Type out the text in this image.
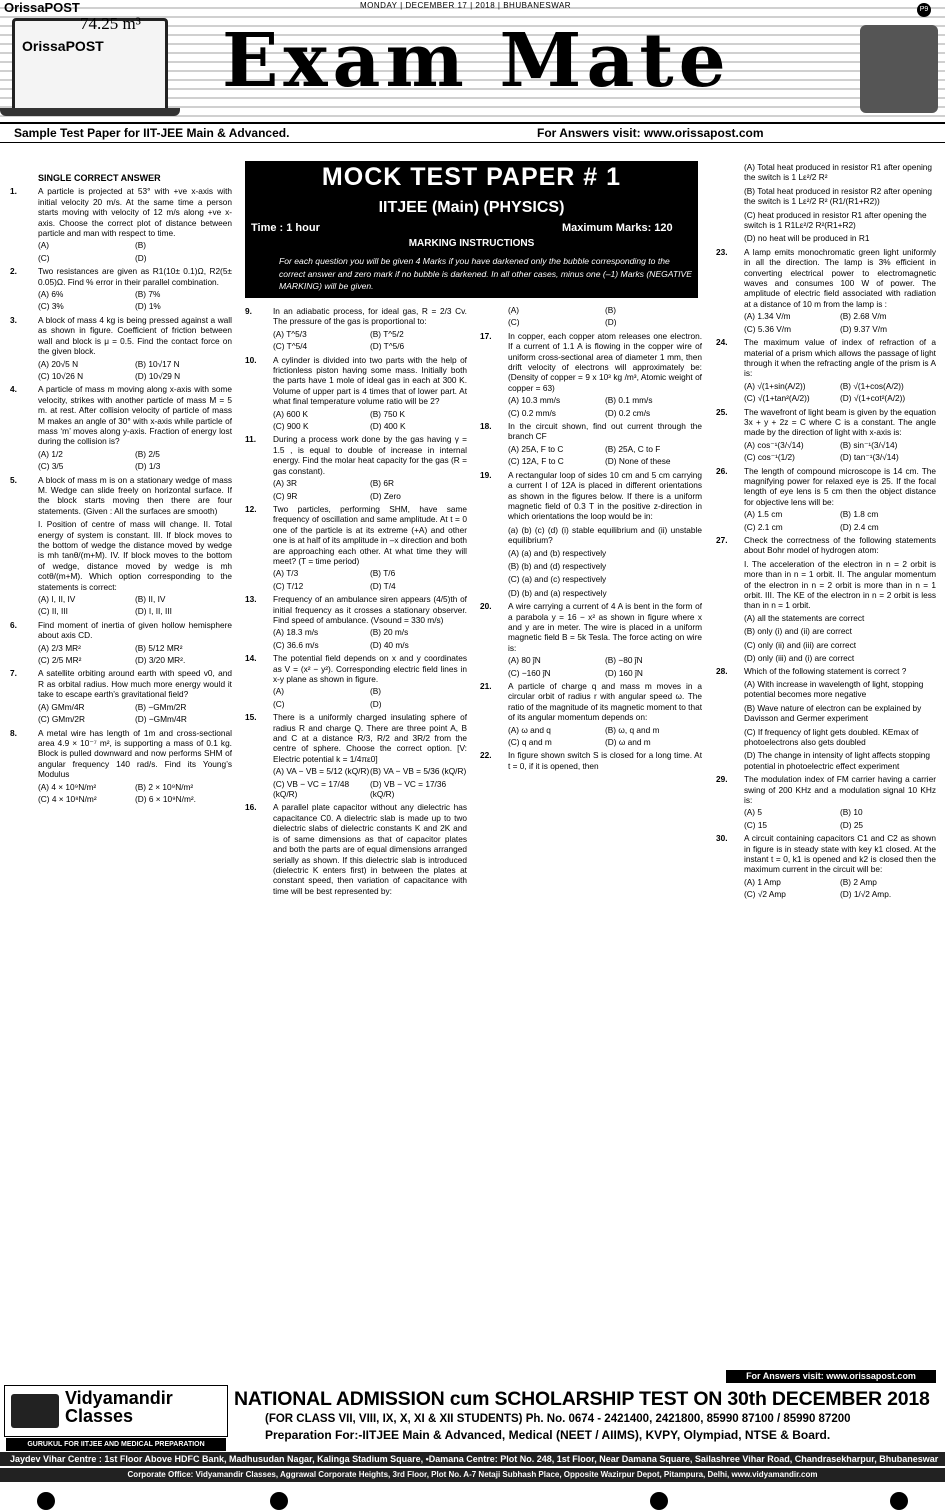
OrissaPOST	MONDAY | DECEMBER 17 | 2018 | BHUBANESWAR	P9
OrissaPOST
74.25 m³ Exam Mate
Sample Test Paper for IIT-JEE Main & Advanced.	For Answers visit: www.orissapost.com
MOCK TEST PAPER # 1
IITJEE (Main) (PHYSICS)
Time : 1 hour	Maximum Marks: 120
MARKING INSTRUCTIONS
For each question you will be given 4 Marks if you have darkened only the bubble corresponding to the correct answer and zero mark if no bubble is darkened. In all other cases, minus one (–1) Marks (NEGATIVE MARKING) will be given.
SINGLE CORRECT ANSWER
1.	A particle is projected at 53° with +ve x-axis with initial velocity 20 m/s. At the same time a person starts moving with velocity of 12 m/s along +ve x-axis. Choose the correct plot of distance between particle and man with respect to time.
(A)	(B)
(C)	(D)
2.	Two resistances are given as R1(10± 0.1)Ω, R2(5± 0.05)Ω. Find % error in their parallel combination.
(A) 6%	(B) 7%
(C) 3%	(D) 1%
3.	A block of mass 4 kg is being pressed against a wall as shown in figure. Coefficient of friction between wall and block is μ = 0.5. Find the contact force on the given block.
(A) 20√5 N	(B) 10√17 N
(C) 10√26 N	(D) 10√29 N
4.	A particle of mass m moving along x-axis with some velocity, strikes with another particle of mass M = 5 m. at rest. After collision velocity of particle of mass M makes an angle of 30° with x-axis while particle of mass ‘m’ moves along y-axis. Fraction of energy lost during the collision is?
(A) 1/2	(B) 2/5
(C) 3/5	(D) 1/3
5.	A block of mass m is on a stationary wedge of mass M. Wedge can slide freely on horizontal surface. If the block starts moving then there are four statements. (Given : All the surfaces are smooth)
I. Position of centre of mass will change. II. Total energy of system is constant. III. If block moves to the bottom of wedge the distance moved by wedge is mh tanθ/(m+M). IV. If block moves to the bottom of wedge, distance moved by wedge is mh cotθ/(m+M). Which option corresponding to the statements is correct:
(A) I, II, IV	(B) II, IV
(C) II, III	(D) I, II, III
6.	Find moment of inertia of given hollow hemisphere about axis CD.
(A) 2/3 MR²	(B) 5/12 MR²
(C) 2/5 MR²	(D) 3/20 MR².
7.	A satellite orbiting around earth with speed v0, and R as orbital radius. How much more energy would it take to escape earth’s gravitational field?
(A) GMm/4R	(B) −GMm/2R
(C) GMm/2R	(D) −GMm/4R
8.	A metal wire has length of 1m and cross-sectional area 4.9 × 10⁻⁷ m², is supporting a mass of 0.1 kg. Block is pulled downward and now performs SHM of angular frequency 140 rad/s. Find its Young’s Modulus
(A) 4 × 10⁹N/m²	(B) 2 × 10⁹N/m²
(C) 4 × 10⁸N/m²	(D) 6 × 10⁹N/m².
9.	In an adiabatic process, for ideal gas, R = 2/3 Cv. The pressure of the gas is proportional to:
(A) T^5/3	(B) T^5/2
(C) T^5/4	(D) T^5/6
10.	A cylinder is divided into two parts with the help of frictionless piston having some mass. Initially both the parts have 1 mole of ideal gas in each at 300 K. Volume of upper part is 4 times that of lower part. At what final temperature volume ratio will be 2?
(A) 600 K	(B) 750 K
(C) 900 K	(D) 400 K
11.	During a process work done by the gas having γ = 1.5 , is equal to double of increase in internal energy. Find the molar heat capacity for the gas (R = gas constant).
(A) 3R	(B) 6R
(C) 9R	(D) Zero
12.	Two particles, performing SHM, have same frequency of oscillation and same amplitude. At t = 0 one of the particle is at its extreme (+A) and other one is at half of its amplitude in –x direction and both are approaching each other. At what time they will meet? (T = time period)
(A) T/3	(B) T/6
(C) T/12	(D) T/4
13.	Frequency of an ambulance siren appears (4/5)th of initial frequency as it crosses a stationary observer. Find speed of ambulance. (Vsound = 330 m/s)
(A) 18.3 m/s	(B) 20 m/s
(C) 36.6 m/s	(D) 40 m/s
14.	The potential field depends on x and y coordinates as V = (x² − y²). Corresponding electric field lines in x-y plane as shown in figure.
(A)	(B)
(C)	(D)
15.	There is a uniformly charged insulating sphere of radius R and charge Q. There are three point A, B and C at a distance R/3, R/2 and 3R/2 from the centre of sphere. Choose the correct option. [V: Electric potential k = 1/4πε0]
(A) VA − VB = 5/12 (kQ/R) (B) VA − VB = 5/36 (kQ/R)
(C) VB − VC = 17/48 (kQ/R)
(D) VB − VC = 17/36 (kQ/R)
16.	A parallel plate capacitor without any dielectric has capacitance C0. A dielectric slab is made up to two dielectric slabs of dielectric constants K and 2K and is of same dimensions as that of capacitor plates and both the parts are of equal dimensions arranged serially as shown. If this dielectric slab is introduced (dielectric K enters first) in between the plates at constant speed, then variation of capacitance with time will be best represented by:
(A)	(B)
(C)	(D)
17.	In copper, each copper atom releases one electron. If a current of 1.1 A is flowing in the copper wire of uniform cross-sectional area of diameter 1 mm, then drift velocity of electrons will approximately be: (Density of copper = 9 x 10³ kg /m³, Atomic weight of copper = 63)
(A) 10.3 mm/s	(B) 0.1 mm/s
(C) 0.2 mm/s	(D) 0.2 cm/s
18.	In the circuit shown, find out current through the branch CF
(A) 25A, F to C	(B) 25A, C to F
(C) 12A, F to C	(D) None of these
19.	A rectangular loop of sides 10 cm and 5 cm carrying a current I of 12A is placed in different orientations as shown in the figures below. If there is a uniform magnetic field of 0.3 T in the positive z-direction in which orientations the loop would be in:
(a) (b) (c) (d) (i) stable equilibrium and (ii) unstable equilibrium?
(A) (a) and (b) respectively
(B) (b) and (d) respectively
(C) (a) and (c) respectively
(D) (b) and (a) respectively
20.	A wire carrying a current of 4 A is bent in the form of a parabola y = 16 − x² as shown in figure where x and y are in meter. The wire is placed in a uniform magnetic field B = 5k Tesla. The force acting on wire is:
(A) 80 ĵN	(B) −80 ĵN
(C) −160 ĵN	(D) 160 ĵN
21.	A particle of charge q and mass m moves in a circular orbit of radius r with angular speed ω. The ratio of the magnitude of its magnetic moment to that of its angular momentum depends on:
(A) ω and q	(B) ω, q and m
(C) q and m	(D) ω and m
22.	In figure shown switch S is closed for a long time. At t = 0, if it is opened, then
(A) Total heat produced in resistor R1 after opening the switch is 1 Lε²/2 R²
(B) Total heat produced in resistor R2 after opening the switch is 1 Lε²/2 R² (R1/(R1+R2))
(C) heat produced in resistor R1 after opening the switch is 1 R1Lε²/2 R²(R1+R2)
(D) no heat will be produced in R1
23.	A lamp emits monochromatic green light uniformly in all the direction. The lamp is 3% efficient in converting electrical power to electromagnetic waves and consumes 100 W of power. The amplitude of electric field associated with radiation at a distance of 10 m from the lamp is :
(A) 1.34 V/m	(B) 2.68 V/m
(C) 5.36 V/m	(D) 9.37 V/m
24.	The maximum value of index of refraction of a material of a prism which allows the passage of light through it when the refracting angle of the prism is A is:
(A) √(1+sin(A/2))	(B) √(1+cos(A/2))
(C) √(1+tan²(A/2))	(D) √(1+cot²(A/2))
25.	The wavefront of light beam is given by the equation 3x + y + 2z = C where C is a constant. The angle made by the direction of light with x-axis is:
(A) cos⁻¹(3/√14)	(B) sin⁻¹(3/√14)
(C) cos⁻¹(1/2)	(D) tan⁻¹(3/√14)
26.	The length of compound microscope is 14 cm. The magnifying power for relaxed eye is 25. If the focal length of eye lens is 5 cm then the object distance for objective lens will be:
(A) 1.5 cm	(B) 1.8 cm
(C) 2.1 cm	(D) 2.4 cm
27.	Check the correctness of the following statements about Bohr model of hydrogen atom:
I. The acceleration of the electron in n = 2 orbit is more than in n = 1 orbit. II. The angular momentum of the electron in n = 2 orbit is more than in n = 1 orbit. III. The KE of the electron in n = 2 orbit is less than in n = 1 orbit.
(A) all the statements are correct
(B) only (i) and (ii) are correct
(C) only (ii) and (iii) are correct
(D) only (iii) and (i) are correct
28.	Which of the following statement is correct ?
(A) With increase in wavelength of light, stopping potential becomes more negative
(B) Wave nature of electron can be explained by Davisson and Germer experiment
(C) If frequency of light gets doubled. KEmax of photoelectrons also gets doubled
(D) The change in intensity of light affects stopping potential in photoelectric effect experiment
29.	The modulation index of FM carrier having a carrier swing of 200 KHz and a modulation signal 10 KHz is:
(A) 5	(B) 10
(C) 15	(D) 25
30.	A circuit containing capacitors C1 and C2 as shown in figure is in steady state with key k1 closed. At the instant t = 0, k1 is opened and k2 is closed then the maximum current in the circuit will be:
(A) 1 Amp	(B) 2 Amp
(C) √2 Amp	(D) 1/√2 Amp.
For Answers visit: www.orissapost.com
Vidyamandir
Classes
GURUKUL FOR IITJEE AND MEDICAL PREPARATION
NATIONAL ADMISSION cum SCHOLARSHIP TEST ON 30th DECEMBER 2018
(FOR CLASS VII, VIII, IX, X, XI & XII STUDENTS) Ph. No. 0674 - 2421400, 2421800, 85990 87100 / 85990 87200
Preparation For:-IITJEE Main & Advanced, Medical (NEET / AIIMS), KVPY, Olympiad, NTSE & Board.
Jaydev Vihar Centre : 1st Floor Above HDFC Bank, Madhusudan Nagar, Kalinga Stadium Square, •Damana Centre: Plot No. 248, 1st Floor, Near Damana Square, Sailashree Vihar Road, Chandrasekharpur, Bhubaneswar
Corporate Office: Vidyamandir Classes, Aggrawal Corporate Heights, 3rd Floor, Plot No. A-7 Netaji Subhash Place, Opposite Wazirpur Depot, Pitampura, Delhi, www.vidyamandir.com
